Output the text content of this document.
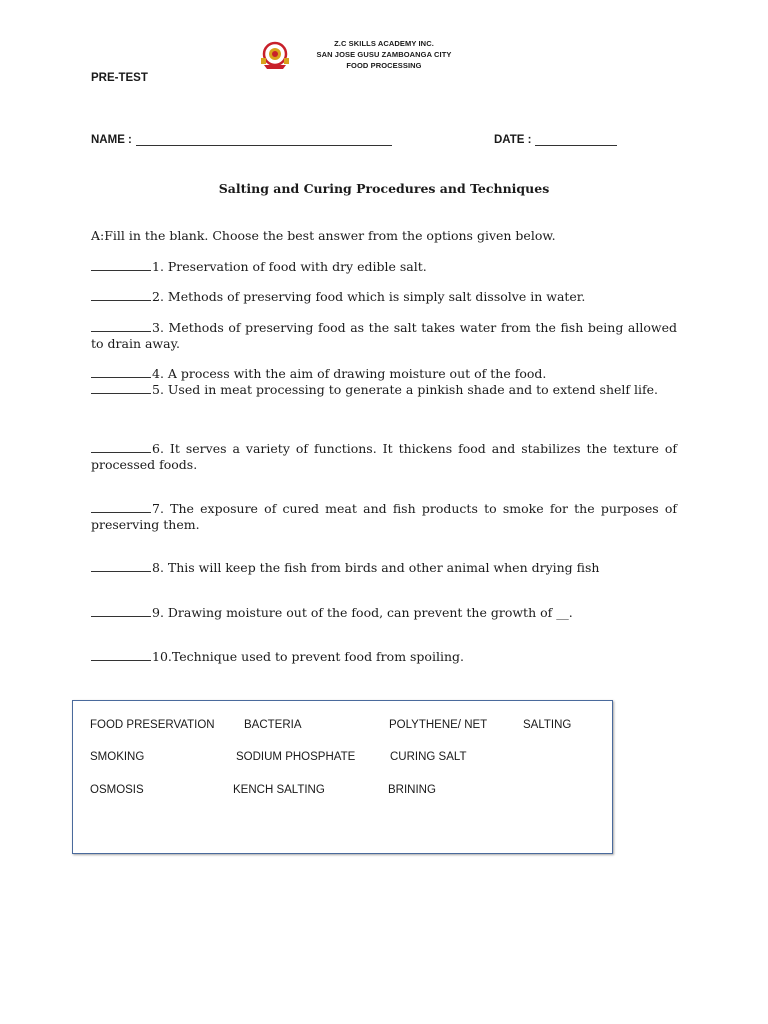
Z.C SKILLS ACADEMY INC.
SAN JOSE GUSU ZAMBOANGA CITY
FOOD PROCESSING
PRE-TEST
NAME :	DATE :
Salting and Curing Procedures and Techniques
A:Fill in the blank. Choose the best answer from the options given below.
1. Preservation of food with dry edible salt.
2. Methods of preserving food which is simply salt dissolve in water.
3. Methods of preserving food as the salt takes water from the fish being allowed to drain away.
4. A process with the aim of drawing moisture out of the food.
5. Used in meat processing to generate a pinkish shade and to extend shelf life.
6. It serves a variety of functions. It thickens food and stabilizes the texture of processed foods.
7. The exposure of cured meat and fish products to smoke for the purposes of preserving them.
8. This will keep the fish from birds and other animal when drying fish
9. Drawing moisture out of the food, can prevent the growth of __.
10.Technique used to prevent food from spoiling.
FOOD PRESERVATION	BACTERIA	POLYTHENE/ NET	SALTING
SMOKING	SODIUM PHOSPHATE	CURING SALT
OSMOSIS	KENCH SALTING	BRINING
